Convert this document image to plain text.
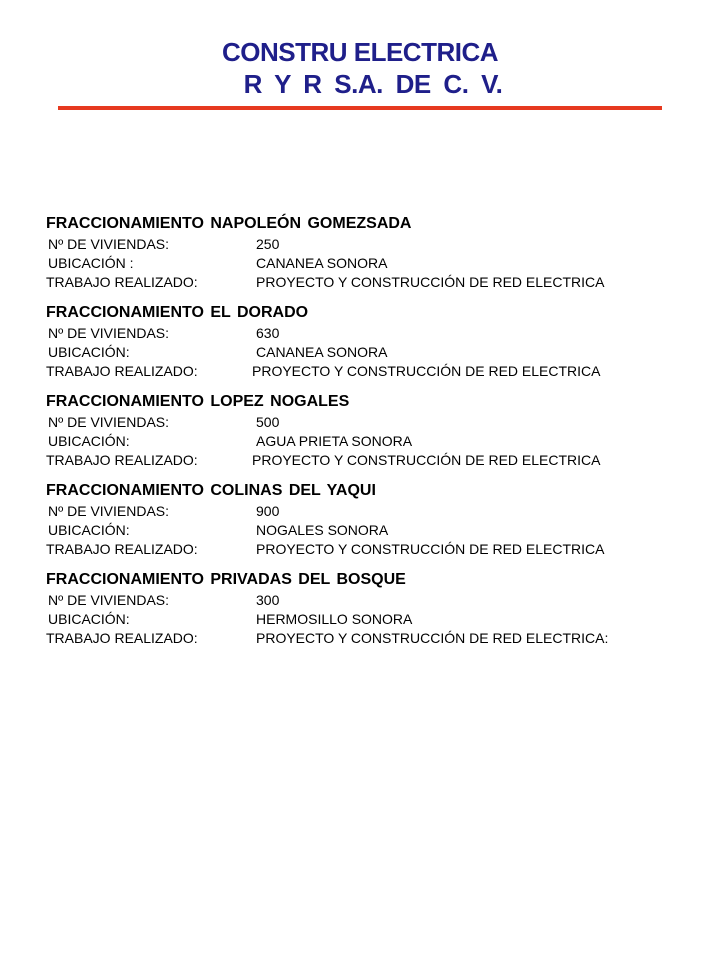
CONSTRU ELECTRICA
R Y R S.A. DE C. V.
FRACCIONAMIENTO NAPOLEÓN GOMEZSADA
Nº DE VIVIENDAS:	250
UBICACIÓN :	CANANEA SONORA
TRABAJO REALIZADO:	PROYECTO Y CONSTRUCCIÓN DE RED ELECTRICA
FRACCIONAMIENTO EL DORADO
Nº DE VIVIENDAS:	630
UBICACIÓN:	CANANEA SONORA
TRABAJO REALIZADO:	PROYECTO Y CONSTRUCCIÓN DE RED ELECTRICA
FRACCIONAMIENTO LOPEZ NOGALES
Nº DE VIVIENDAS:	500
UBICACIÓN:	AGUA PRIETA SONORA
TRABAJO REALIZADO:	PROYECTO Y CONSTRUCCIÓN DE RED ELECTRICA
FRACCIONAMIENTO COLINAS DEL YAQUI
Nº DE VIVIENDAS:	900
UBICACIÓN:	NOGALES SONORA
TRABAJO REALIZADO:	PROYECTO Y CONSTRUCCIÓN DE RED ELECTRICA
FRACCIONAMIENTO PRIVADAS DEL BOSQUE
Nº DE VIVIENDAS:	300
UBICACIÓN:	HERMOSILLO SONORA
TRABAJO REALIZADO:	PROYECTO Y CONSTRUCCIÓN DE RED ELECTRICA:
